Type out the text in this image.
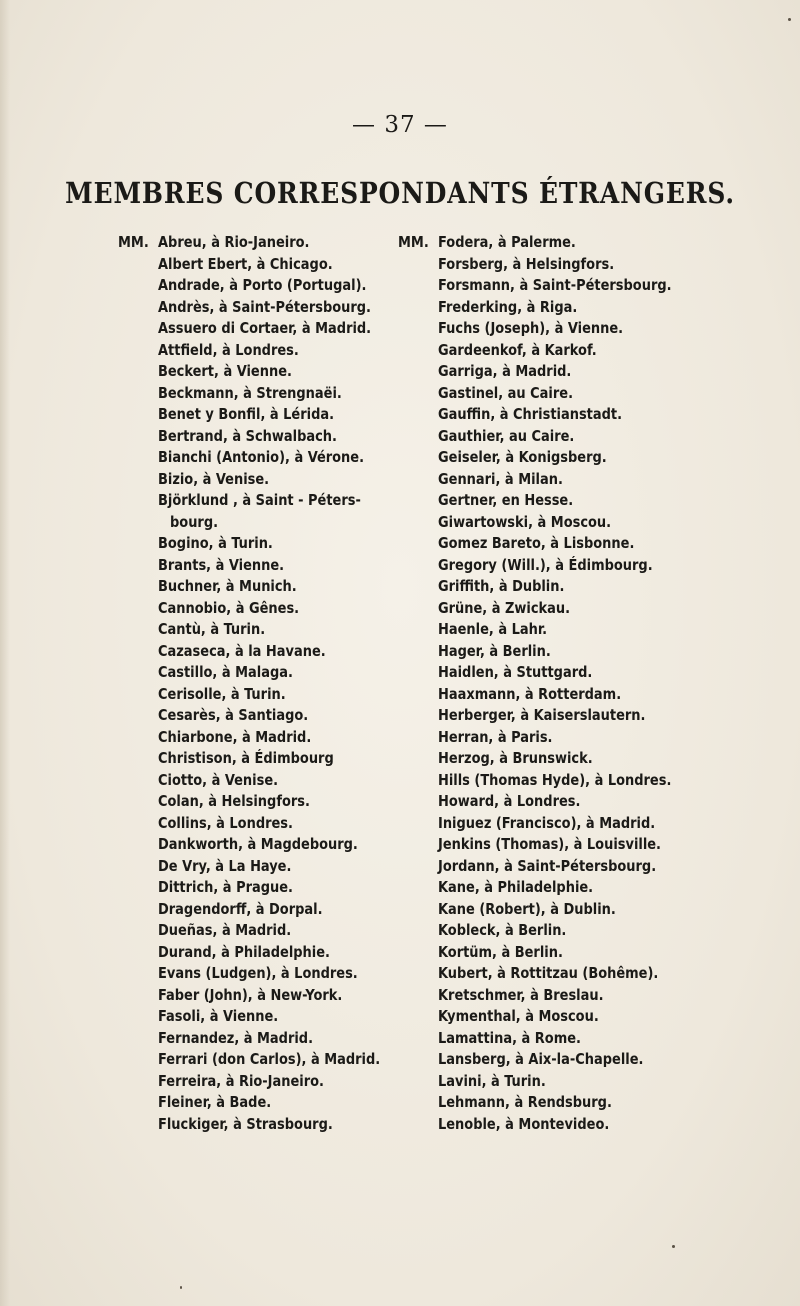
— 37 —
MEMBRES CORRESPONDANTS ÉTRANGERS.
MM. Abreu, à Rio-Janeiro.
Albert Ebert, à Chicago.
Andrade, à Porto (Portugal).
Andrès, à Saint-Pétersbourg.
Assuero di Cortaer, à Madrid.
Attfield, à Londres.
Beckert, à Vienne.
Beckmann, à Strengnaëi.
Benet y Bonfil, à Lérida.
Bertrand, à Schwalbach.
Bianchi (Antonio), à Vérone.
Bizio, à Venise.
Björklund , à Saint - Péters-
bourg.
Bogino, à Turin.
Brants, à Vienne.
Buchner, à Munich.
Cannobio, à Gênes.
Cantù, à Turin.
Cazaseca, à la Havane.
Castillo, à Malaga.
Cerisolle, à Turin.
Cesarès, à Santiago.
Chiarbone, à Madrid.
Christison, à Édimbourg
Ciotto, à Venise.
Colan, à Helsingfors.
Collins, à Londres.
Dankworth, à Magdebourg.
De Vry, à La Haye.
Dittrich, à Prague.
Dragendorff, à Dorpal.
Dueñas, à Madrid.
Durand, à Philadelphie.
Evans (Ludgen), à Londres.
Faber (John), à New-York.
Fasoli, à Vienne.
Fernandez, à Madrid.
Ferrari (don Carlos), à Madrid.
Ferreira, à Rio-Janeiro.
Fleiner, à Bade.
Fluckiger, à Strasbourg.
MM. Fodera, à Palerme.
Forsberg, à Helsingfors.
Forsmann, à Saint-Pétersbourg.
Frederking, à Riga.
Fuchs (Joseph), à Vienne.
Gardeenkof, à Karkof.
Garriga, à Madrid.
Gastinel, au Caire.
Gauffin, à Christianstadt.
Gauthier, au Caire.
Geiseler, à Konigsberg.
Gennari, à Milan.
Gertner, en Hesse.
Giwartowski, à Moscou.
Gomez Bareto, à Lisbonne.
Gregory (Will.), à Édimbourg.
Griffith, à Dublin.
Grüne, à Zwickau.
Haenle, à Lahr.
Hager, à Berlin.
Haidlen, à Stuttgard.
Haaxmann, à Rotterdam.
Herberger, à Kaiserslautern.
Herran, à Paris.
Herzog, à Brunswick.
Hills (Thomas Hyde), à Londres.
Howard, à Londres.
Iniguez (Francisco), à Madrid.
Jenkins (Thomas), à Louisville.
Jordann, à Saint-Pétersbourg.
Kane, à Philadelphie.
Kane (Robert), à Dublin.
Kobleck, à Berlin.
Kortüm, à Berlin.
Kubert, à Rottitzau (Bohême).
Kretschmer, à Breslau.
Kymenthal, à Moscou.
Lamattina, à Rome.
Lansberg, à Aix-la-Chapelle.
Lavini, à Turin.
Lehmann, à Rendsburg.
Lenoble, à Montevideo.
